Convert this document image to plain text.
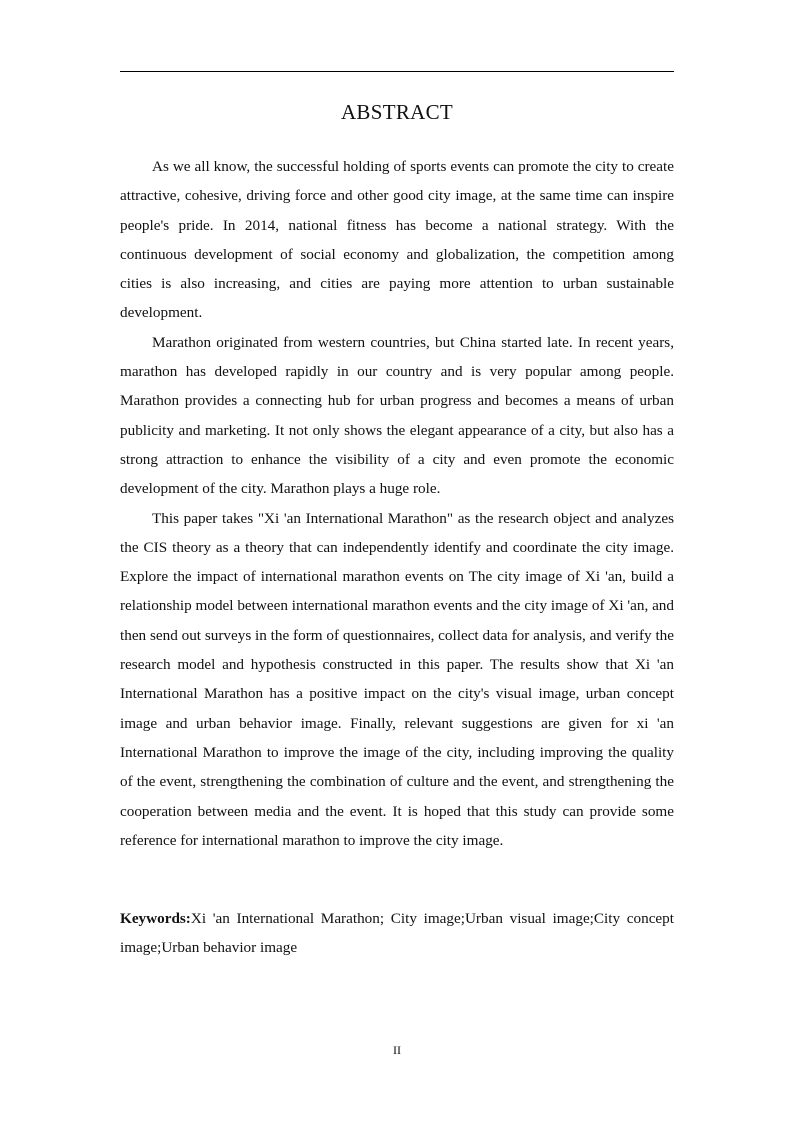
ABSTRACT

As we all know, the successful holding of sports events can promote the city to create attractive, cohesive, driving force and other good city image, at the same time can inspire people's pride. In 2014, national fitness has become a national strategy. With the continuous development of social economy and globalization, the competition among cities is also increasing, and cities are paying more attention to urban sustainable development.

Marathon originated from western countries, but China started late. In recent years, marathon has developed rapidly in our country and is very popular among people. Marathon provides a connecting hub for urban progress and becomes a means of urban publicity and marketing. It not only shows the elegant appearance of a city, but also has a strong attraction to enhance the visibility of a city and even promote the economic development of the city. Marathon plays a huge role.

This paper takes "Xi 'an International Marathon" as the research object and analyzes the CIS theory as a theory that can independently identify and coordinate the city image. Explore the impact of international marathon events on The city image of Xi 'an, build a relationship model between international marathon events and the city image of Xi 'an, and then send out surveys in the form of questionnaires, collect data for analysis, and verify the research model and hypothesis constructed in this paper. The results show that Xi 'an International Marathon has a positive impact on the city's visual image, urban concept image and urban behavior image. Finally, relevant suggestions are given for xi 'an International Marathon to improve the image of the city, including improving the quality of the event, strengthening the combination of culture and the event, and strengthening the cooperation between media and the event. It is hoped that this study can provide some reference for international marathon to improve the city image.

Keywords:Xi 'an International Marathon; City image;Urban visual image;City concept image;Urban behavior image
II
